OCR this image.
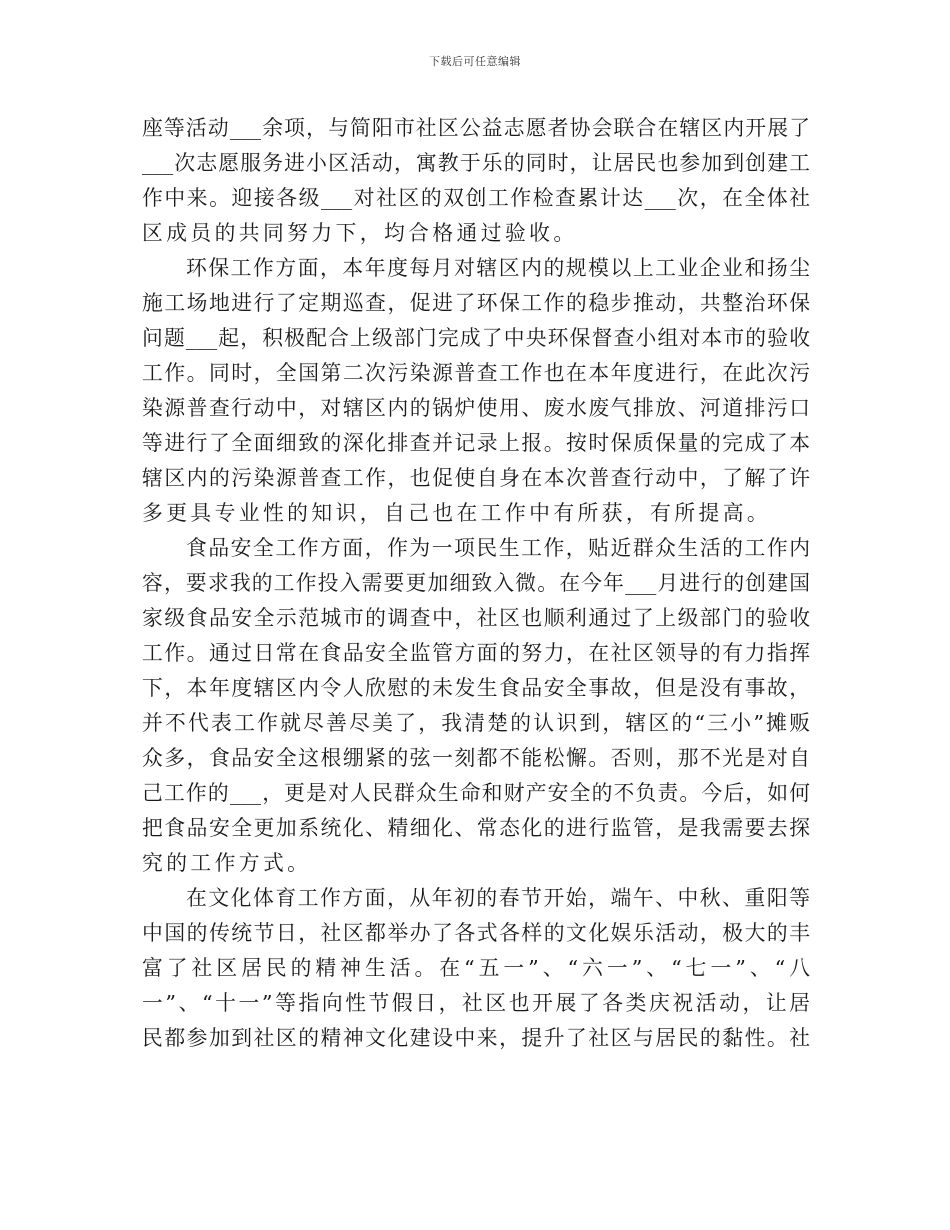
下载后可任意编辑
座等活动___余项，与简阳市社区公益志愿者协会联合在辖区内开展了
___次志愿服务进小区活动，寓教于乐的同时，让居民也参加到创建工
作中来。迎接各级___对社区的双创工作检查累计达___次，在全体社
区成员的共同努力下，均合格通过验收。
环保工作方面，本年度每月对辖区内的规模以上工业企业和扬尘
施工场地进行了定期巡查，促进了环保工作的稳步推动，共整治环保
问题___起，积极配合上级部门完成了中央环保督查小组对本市的验收
工作。同时，全国第二次污染源普查工作也在本年度进行，在此次污
染源普查行动中，对辖区内的锅炉使用、废水废气排放、河道排污口
等进行了全面细致的深化排查并记录上报。按时保质保量的完成了本
辖区内的污染源普查工作，也促使自身在本次普查行动中，了解了许
多更具专业性的知识，自己也在工作中有所获，有所提高。
食品安全工作方面，作为一项民生工作，贴近群众生活的工作内
容，要求我的工作投入需要更加细致入微。在今年___月进行的创建国
家级食品安全示范城市的调查中，社区也顺利通过了上级部门的验收
工作。通过日常在食品安全监管方面的努力，在社区领导的有力指挥
下，本年度辖区内令人欣慰的未发生食品安全事故，但是没有事故，
并不代表工作就尽善尽美了，我清楚的认识到，辖区的“三小”摊贩
众多，食品安全这根绷紧的弦一刻都不能松懈。否则，那不光是对自
己工作的___，更是对人民群众生命和财产安全的不负责。今后，如何
把食品安全更加系统化、精细化、常态化的进行监管，是我需要去探
究的工作方式。
在文化体育工作方面，从年初的春节开始，端午、中秋、重阳等
中国的传统节日，社区都举办了各式各样的文化娱乐活动，极大的丰
富了社区居民的精神生活。在“五一”、“六一”、“七一”、“八
一”、“十一”等指向性节假日，社区也开展了各类庆祝活动，让居
民都参加到社区的精神文化建设中来，提升了社区与居民的黏性。社
